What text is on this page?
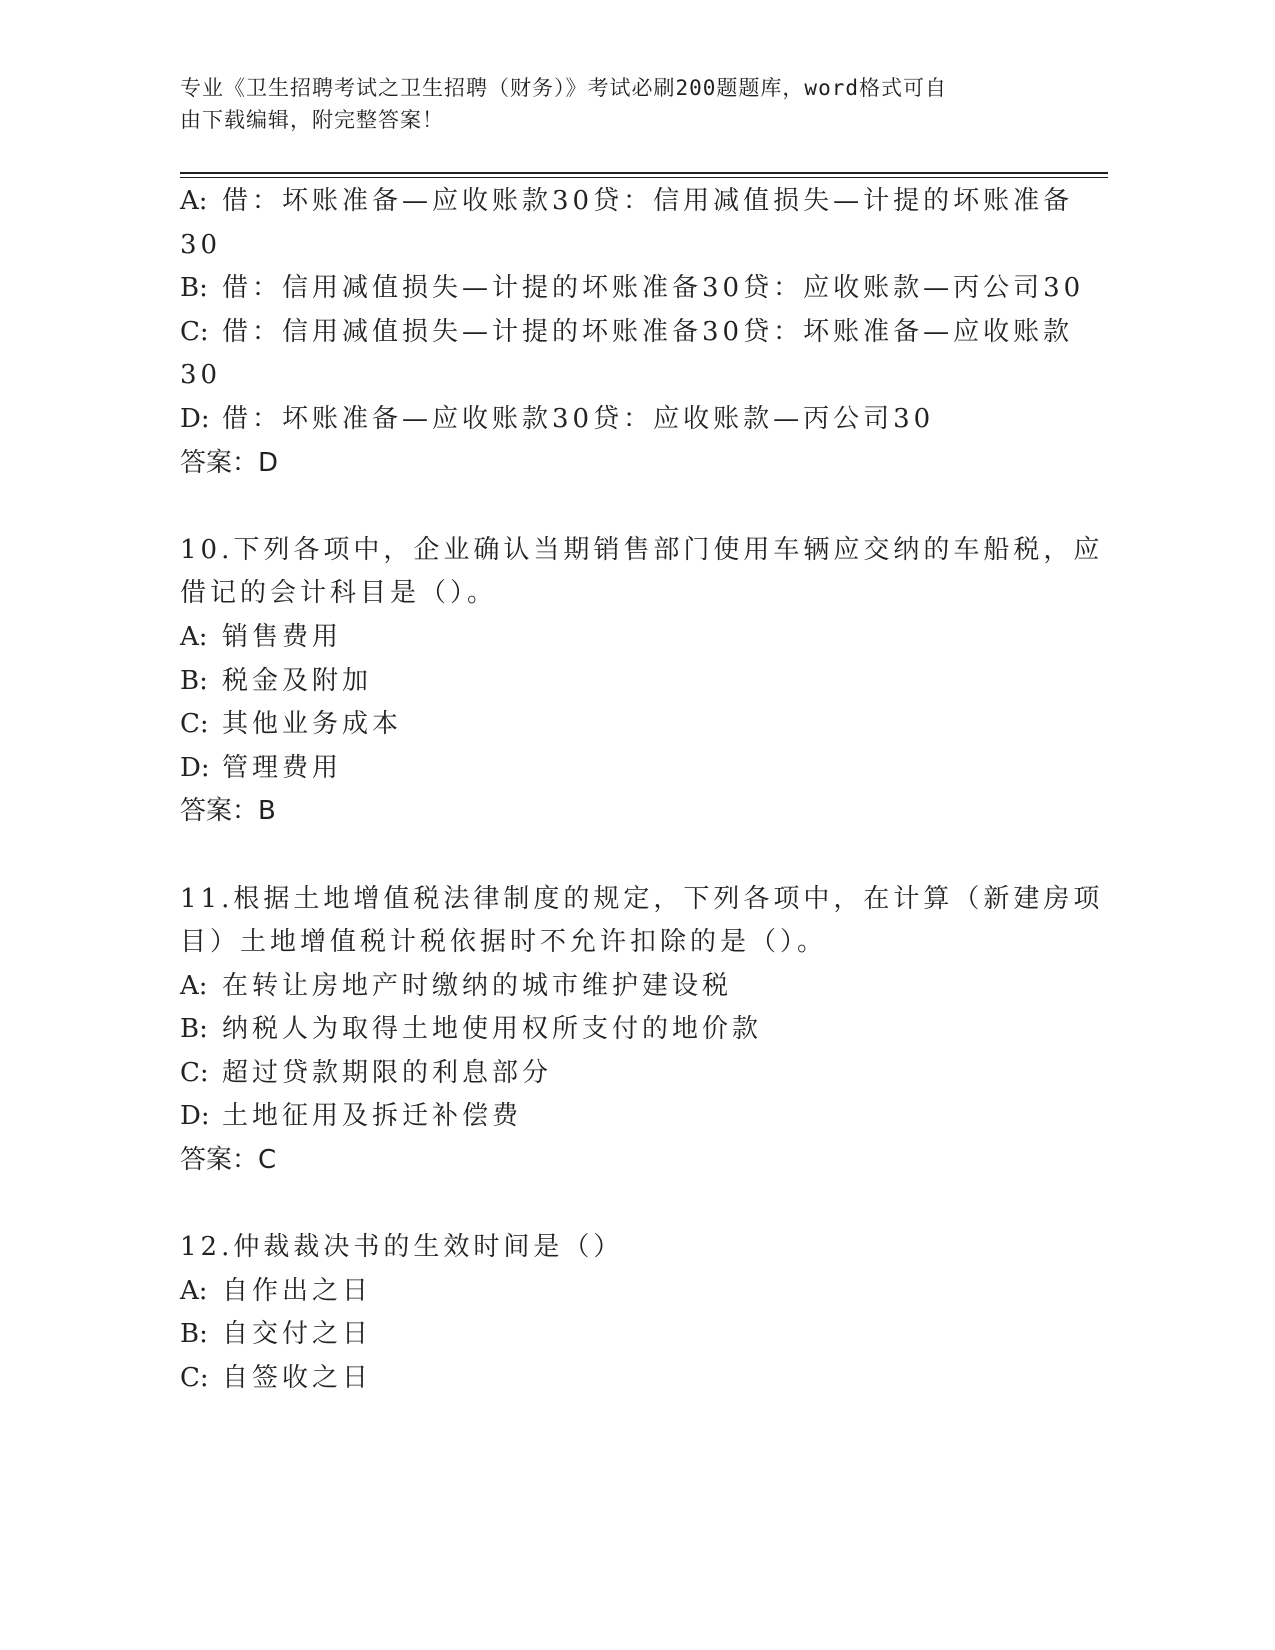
专业《卫生招聘考试之卫生招聘（财务）》考试必刷200题题库，word格式可自
由下载编辑，附完整答案！
A: 借：坏账准备—应收账款30贷：信用减值损失—计提的坏账准备
30
B: 借：信用减值损失—计提的坏账准备30贷：应收账款—丙公司30
C: 借：信用减值损失—计提的坏账准备30贷：坏账准备—应收账款
30
D: 借：坏账准备—应收账款30贷：应收账款—丙公司30
答案：D
10.下列各项中，企业确认当期销售部门使用车辆应交纳的车船税，应
借记的会计科目是（）。
A: 销售费用
B: 税金及附加
C: 其他业务成本
D: 管理费用
答案：B
11.根据土地增值税法律制度的规定，下列各项中，在计算（新建房项
目）土地增值税计税依据时不允许扣除的是（）。
A: 在转让房地产时缴纳的城市维护建设税
B: 纳税人为取得土地使用权所支付的地价款
C: 超过贷款期限的利息部分
D: 土地征用及拆迁补偿费
答案：C
12.仲裁裁决书的生效时间是（）
A: 自作出之日
B: 自交付之日
C: 自签收之日
